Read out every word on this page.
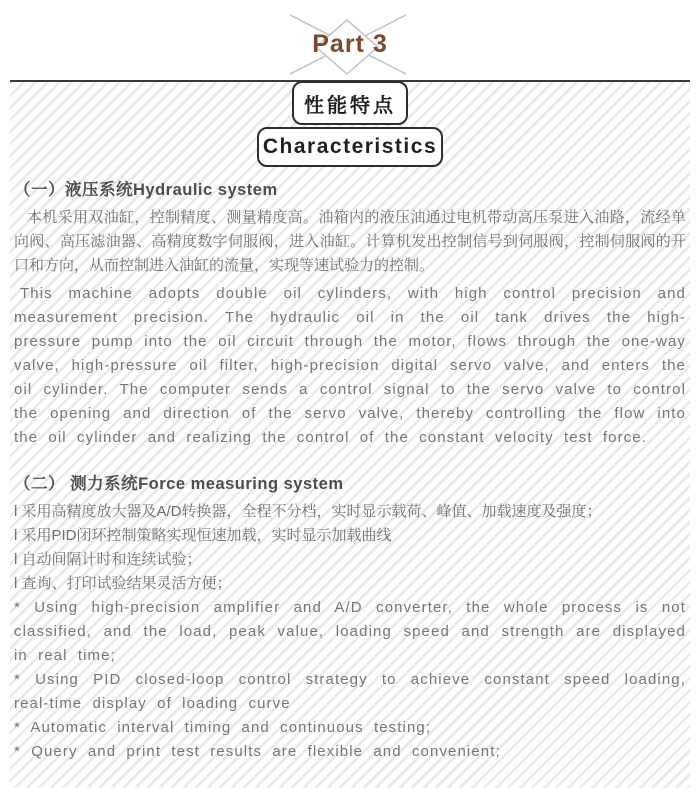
Part 3
性能特点
Characteristics
（一）液压系统Hydraulic system

本机采用双油缸，控制精度、测量精度高。油箱内的液压油通过电机带动高压泵进入油路，流经单向阀、高压滤油器、高精度数字伺服阀，进入油缸。计算机发出控制信号到伺服阀，控制伺服阀的开口和方向，从而控制进入油缸的流量，实现等速试验力的控制。

This machine adopts double oil cylinders, with high control precision and measurement precision. The hydraulic oil in the oil tank drives the high-pressure pump into the oil circuit through the motor, flows through the one-way valve, high-pressure oil filter, high-precision digital servo valve, and enters the oil cylinder. The computer sends a control signal to the servo valve to control the opening and direction of the servo valve, thereby controlling the flow into the oil cylinder and realizing the control of the constant velocity test force.

（二） 测力系统Force measuring system

l 采用高精度放大器及A/D转换器，全程不分档，实时显示载荷、峰值、加载速度及强度；

l 采用PID闭环控制策略实现恒速加载，实时显示加载曲线

l 自动间隔计时和连续试验；

l 查询、打印试验结果灵活方便；

* Using high-precision amplifier and A/D converter, the whole process is not classified, and the load, peak value, loading speed and strength are displayed in real time;

* Using PID closed-loop control strategy to achieve constant speed loading, real-time display of loading curve

* Automatic interval timing and continuous testing;

* Query and print test results are flexible and convenient;
